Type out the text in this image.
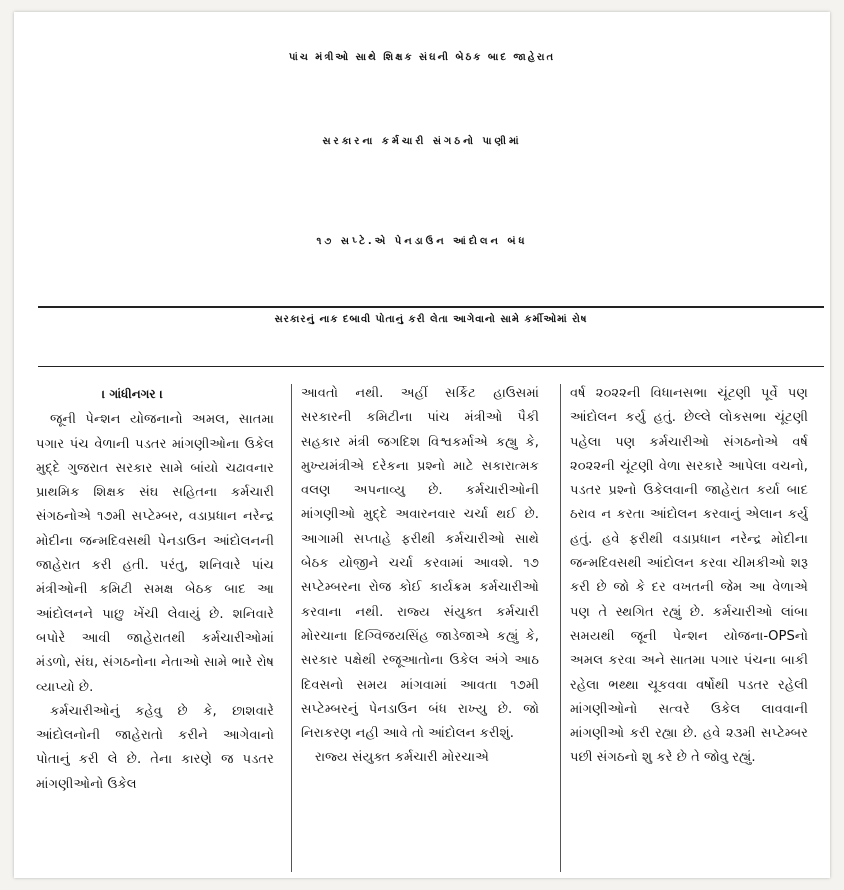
પાંચ મંત્રીઓ સાથે શિક્ષક સંઘની બેઠક બાદ જાહેરાત
સરકારના કર્મચારી સંગઠનો પાણીમાં
૧૭ સપ્ટે.એ પેનડાઉન આંદોલન બંધ
સરકારનું નાક દબાવી પોતાનું કરી લેતા આગેવાનો સામે કર્મીઓમાં રોષ
। ગાંધીનગર ।

જૂની પેન્શન યોજનાનો અમલ, સાતમા પગાર પંચ વેળાની પડતર માંગણીઓના ઉકેલ મુદ્દે ગુજરાત સરકાર સામે બાંયો ચઢાવનાર પ્રાથમિક શિક્ષક સંઘ સહિતના કર્મચારી સંગઠનોએ ૧૭મી સપ્ટેમ્બર, વડાપ્રધાન નરેન્દ્ર મોદીના જન્મદિવસથી પેનડાઉન આંદોલનની જાહેરાત કરી હતી. પરંતુ, શનિવારે પાંચ મંત્રીઓની કમિટી સમક્ષ બેઠક બાદ આ આંદોલનને પાછુ ખેંચી લેવાયું છે. શનિવારે બપોરે આવી જાહેરાતથી કર્મચારીઓમાં મંડળો, સંઘ, સંગઠનોના નેતાઓ સામે ભારે રોષ વ્યાપ્યો છે.

કર્મચારીઓનું કહેવુ છે કે, છાશવારે આંદોલનોની જાહેરાતો કરીને આગેવાનો પોતાનું કરી લે છે. તેના કારણે જ પડતર માંગણીઓનો ઉકેલ

આવતો નથી. અહીં સર્કિટ હાઉસમાં સરકારની કમિટીના પાંચ મંત્રીઓ પૈકી સહકાર મંત્રી જગદિશ વિશ્વકર્માએ કહ્યુ કે, મુખ્યમંત્રીએ દરેકના પ્રશ્નો માટે સકારાત્મક વલણ અપનાવ્યુ છે. કર્મચારીઓની માંગણીઓ મુદ્દે અવારનવાર ચર્ચા થઈ છે. આગામી સપ્તાહે ફરીથી કર્મચારીઓ સાથે બેઠક યોજીને ચર્ચા કરવામાં આવશે. ૧૭ સપ્ટેમ્બરના રોજ કોઈ કાર્યક્રમ કર્મચારીઓ કરવાના નથી. રાજ્ય સંયુક્ત કર્મચારી મોરચાના દિગ્વિજયસિંહ જાડેજાએ કહ્યું કે, સરકાર પક્ષેથી રજૂઆતોના ઉકેલ અંગે આઠ દિવસનો સમય માંગવામાં આવતા ૧૭મી સપ્ટેમ્બરનું પેનડાઉન બંધ રાખ્યુ છે. જો નિરાકરણ નહી આવે તો આંદોલન કરીશું.

રાજ્ય સંયુક્ત કર્મચારી મોરચાએ

વર્ષ ૨૦૨૨ની વિધાનસભા ચૂંટણી પૂર્વે પણ આંદોલન કર્યુ હતું. છેલ્લે લોકસભા ચૂંટણી પહેલા પણ કર્મચારીઓ સંગઠનોએ વર્ષ ૨૦૨૨ની ચૂંટણી વેળા સરકારે આપેલા વચનો, પડતર પ્રશ્નો ઉકેલવાની જાહેરાત કર્યા બાદ ઠરાવ ન કરતા આંદોલન કરવાનું એલાન કર્યુ હતું. હવે ફરીથી વડાપ્રધાન નરેન્દ્ર મોદીના જન્મદિવસથી આંદોલન કરવા ચીમકીઓ શરૂ કરી છે જો કે દર વખતની જેમ આ વેળાએ પણ તે સ્થગિત રહ્યું છે. કર્મચારીઓ લાંબા સમયથી જૂની પેન્શન યોજના-OPSનો અમલ કરવા અને સાતમા પગાર પંચના બાકી રહેલા ભથ્થા ચૂકવવા વર્ષોથી પડતર રહેલી માંગણીઓનો સત્વરે ઉકેલ લાવવાની માંગણીઓ કરી રહ્યા છે. હવે ૨૩મી સપ્ટેમ્બર પછી સંગઠનો શુ કરે છે તે જોવુ રહ્યું.
